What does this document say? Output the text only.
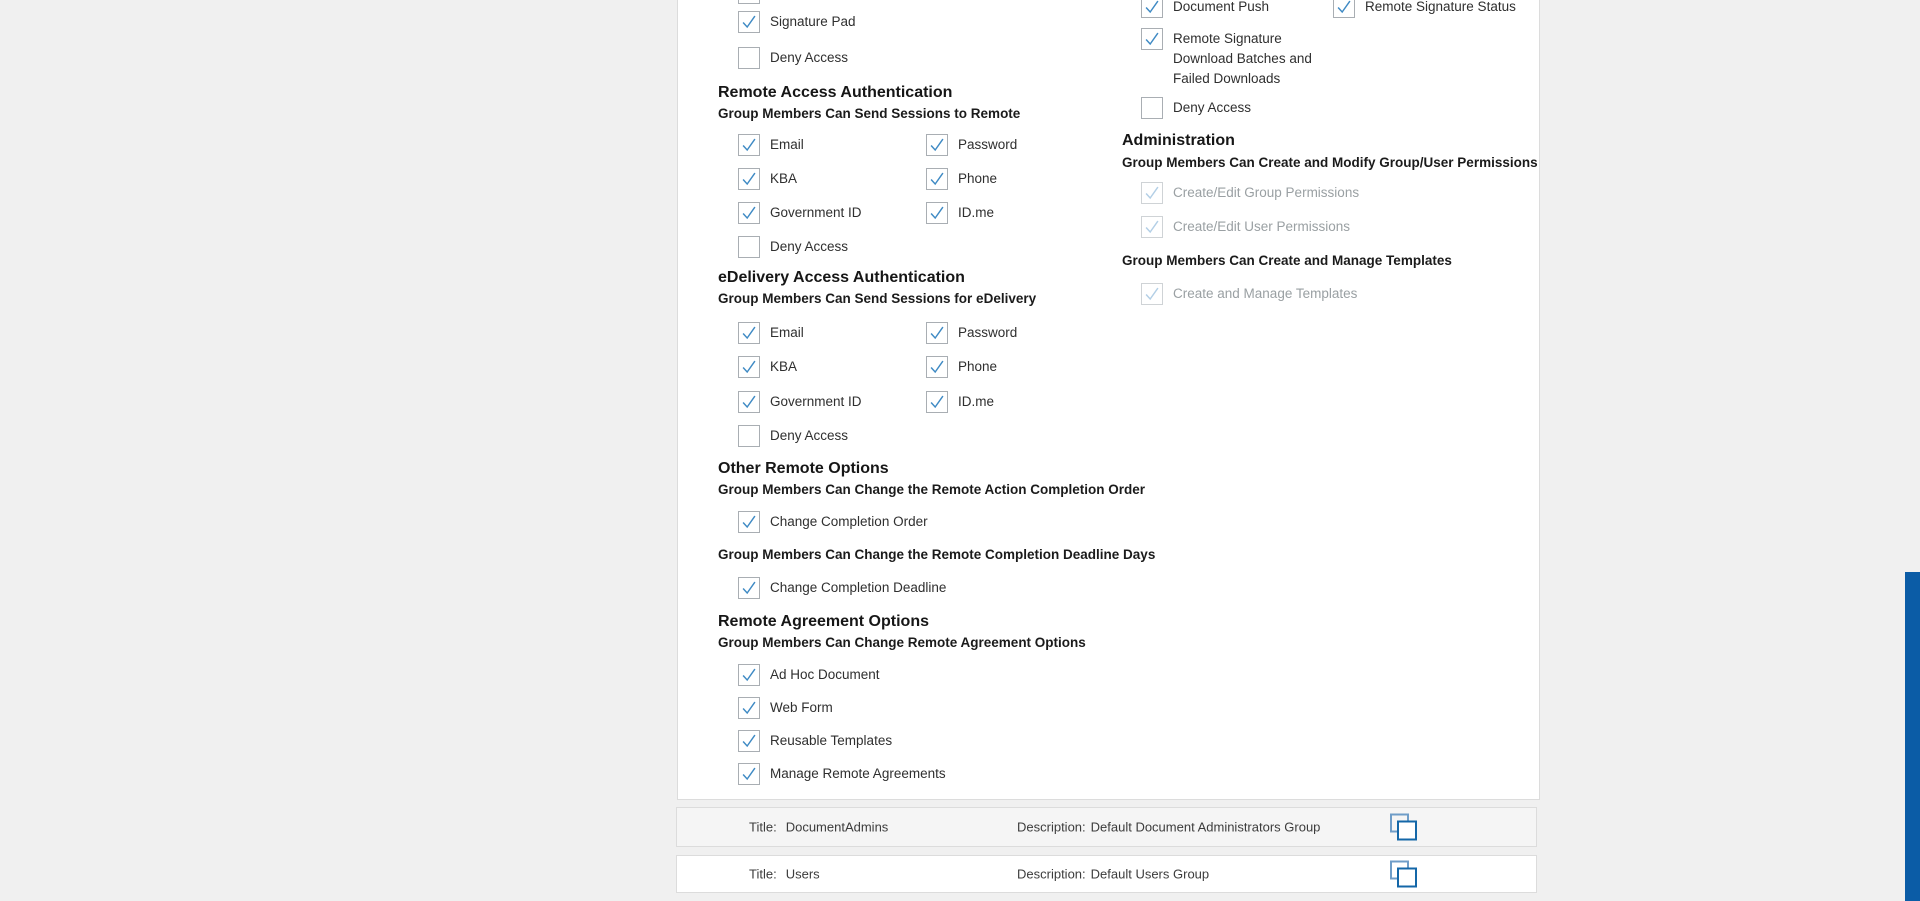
Signature Pad
Deny Access
Remote Access Authentication
Group Members Can Send Sessions to Remote
Email	Password
KBA	Phone
Government ID	ID.me
Deny Access
eDelivery Access Authentication
Group Members Can Send Sessions for eDelivery
Email	Password
KBA	Phone
Government ID	ID.me
Deny Access
Other Remote Options
Group Members Can Change the Remote Action Completion Order
Change Completion Order
Group Members Can Change the Remote Completion Deadline Days
Change Completion Deadline
Remote Agreement Options
Group Members Can Change Remote Agreement Options
Ad Hoc Document
Web Form
Reusable Templates
Manage Remote Agreements
Document Push	Remote Signature Status
Remote Signature
Download Batches and
Failed Downloads
Deny Access
Administration
Group Members Can Create and Modify Group/User Permissions
Create/Edit Group Permissions
Create/Edit User Permissions
Group Members Can Create and Manage Templates
Create and Manage Templates
Title: DocumentAdmins	Description: Default Document Administrators Group
Title: Users	Description: Default Users Group
